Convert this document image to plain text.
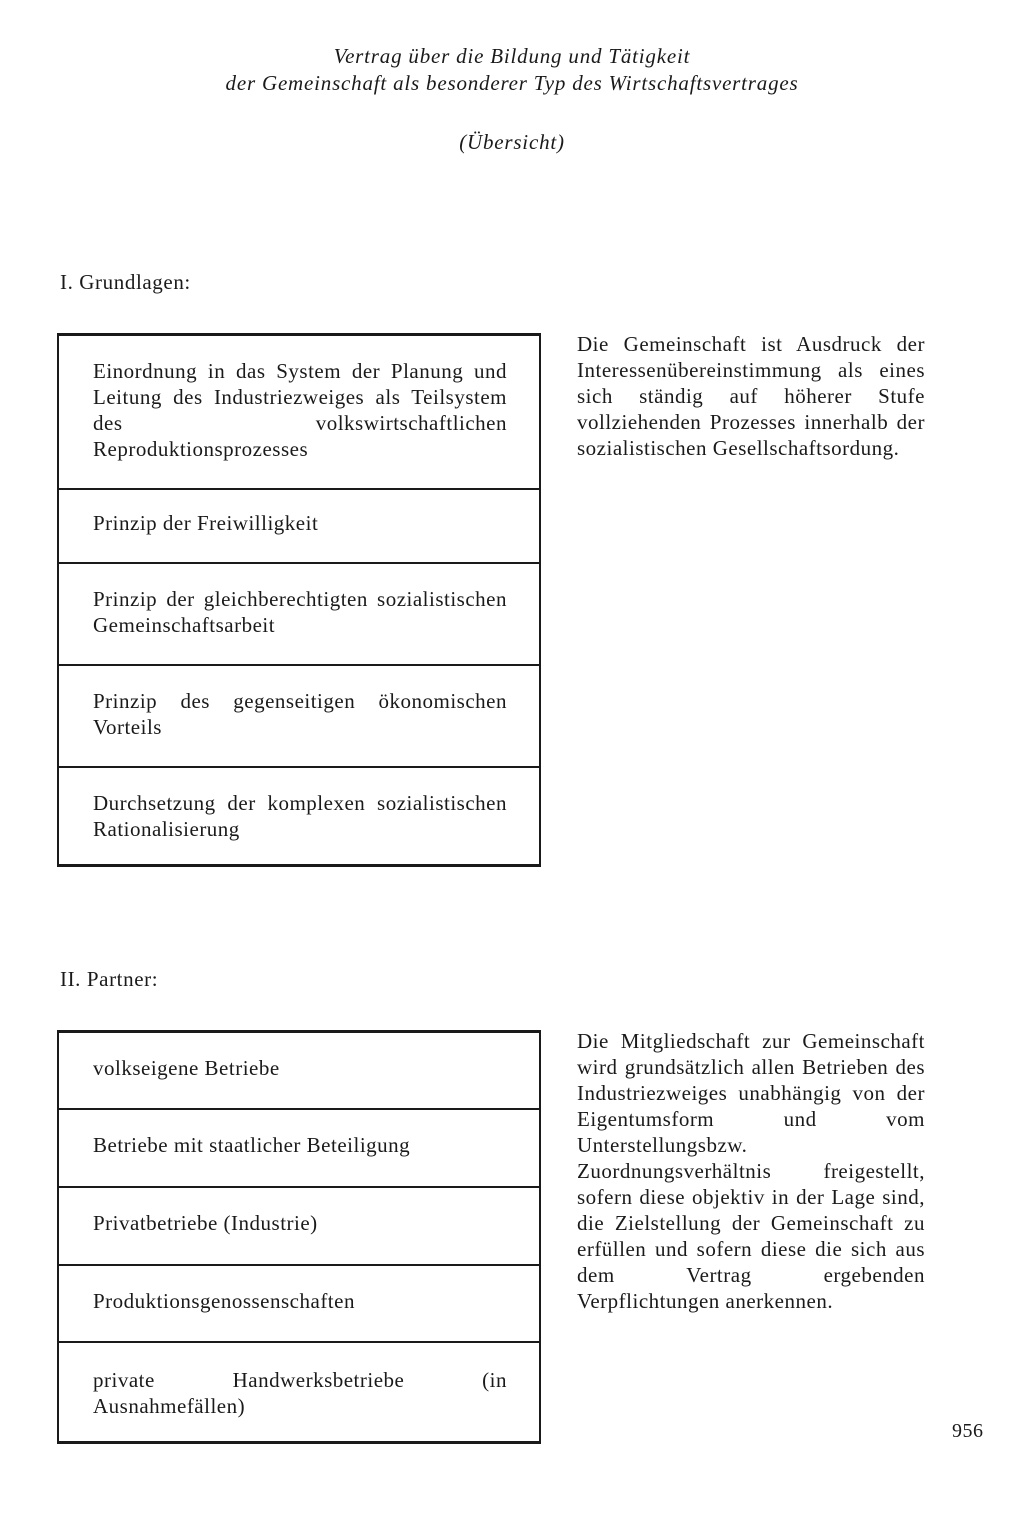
Vertrag über die Bildung und Tätigkeit
der Gemeinschaft als besonderer Typ des Wirtschaftsvertrages
(Übersicht)
I. Grundlagen:
Einordnung in das System der Planung und Leitung des Industriezweiges als Teilsystem des volkswirtschaftlichen Reproduktionsprozesses
Prinzip der Freiwilligkeit
Prinzip der gleichberechtigten sozialistischen Gemeinschaftsarbeit
Prinzip des gegenseitigen ökonomischen Vorteils
Durchsetzung der komplexen sozialistischen Rationalisierung
Die Gemeinschaft ist Ausdruck der Interessenübereinstimmung als eines sich ständig auf höherer Stufe vollziehenden Prozesses innerhalb der sozialistischen Gesellschaftsordung.
II. Partner:
volkseigene Betriebe
Betriebe mit staatlicher Beteiligung
Privatbetriebe (Industrie)
Produktionsgenossenschaften
private Handwerksbetriebe (in Ausnahmefällen)
Die Mitgliedschaft zur Gemeinschaft wird grundsätzlich allen Betrieben des Industriezweiges unabhängig von der Eigentumsform und vom Unterstellungsbzw. Zuordnungsverhältnis freigestellt, sofern diese objektiv in der Lage sind, die Zielstellung der Gemeinschaft zu erfüllen und sofern diese die sich aus dem Vertrag ergebenden Verpflichtungen anerkennen.
956
